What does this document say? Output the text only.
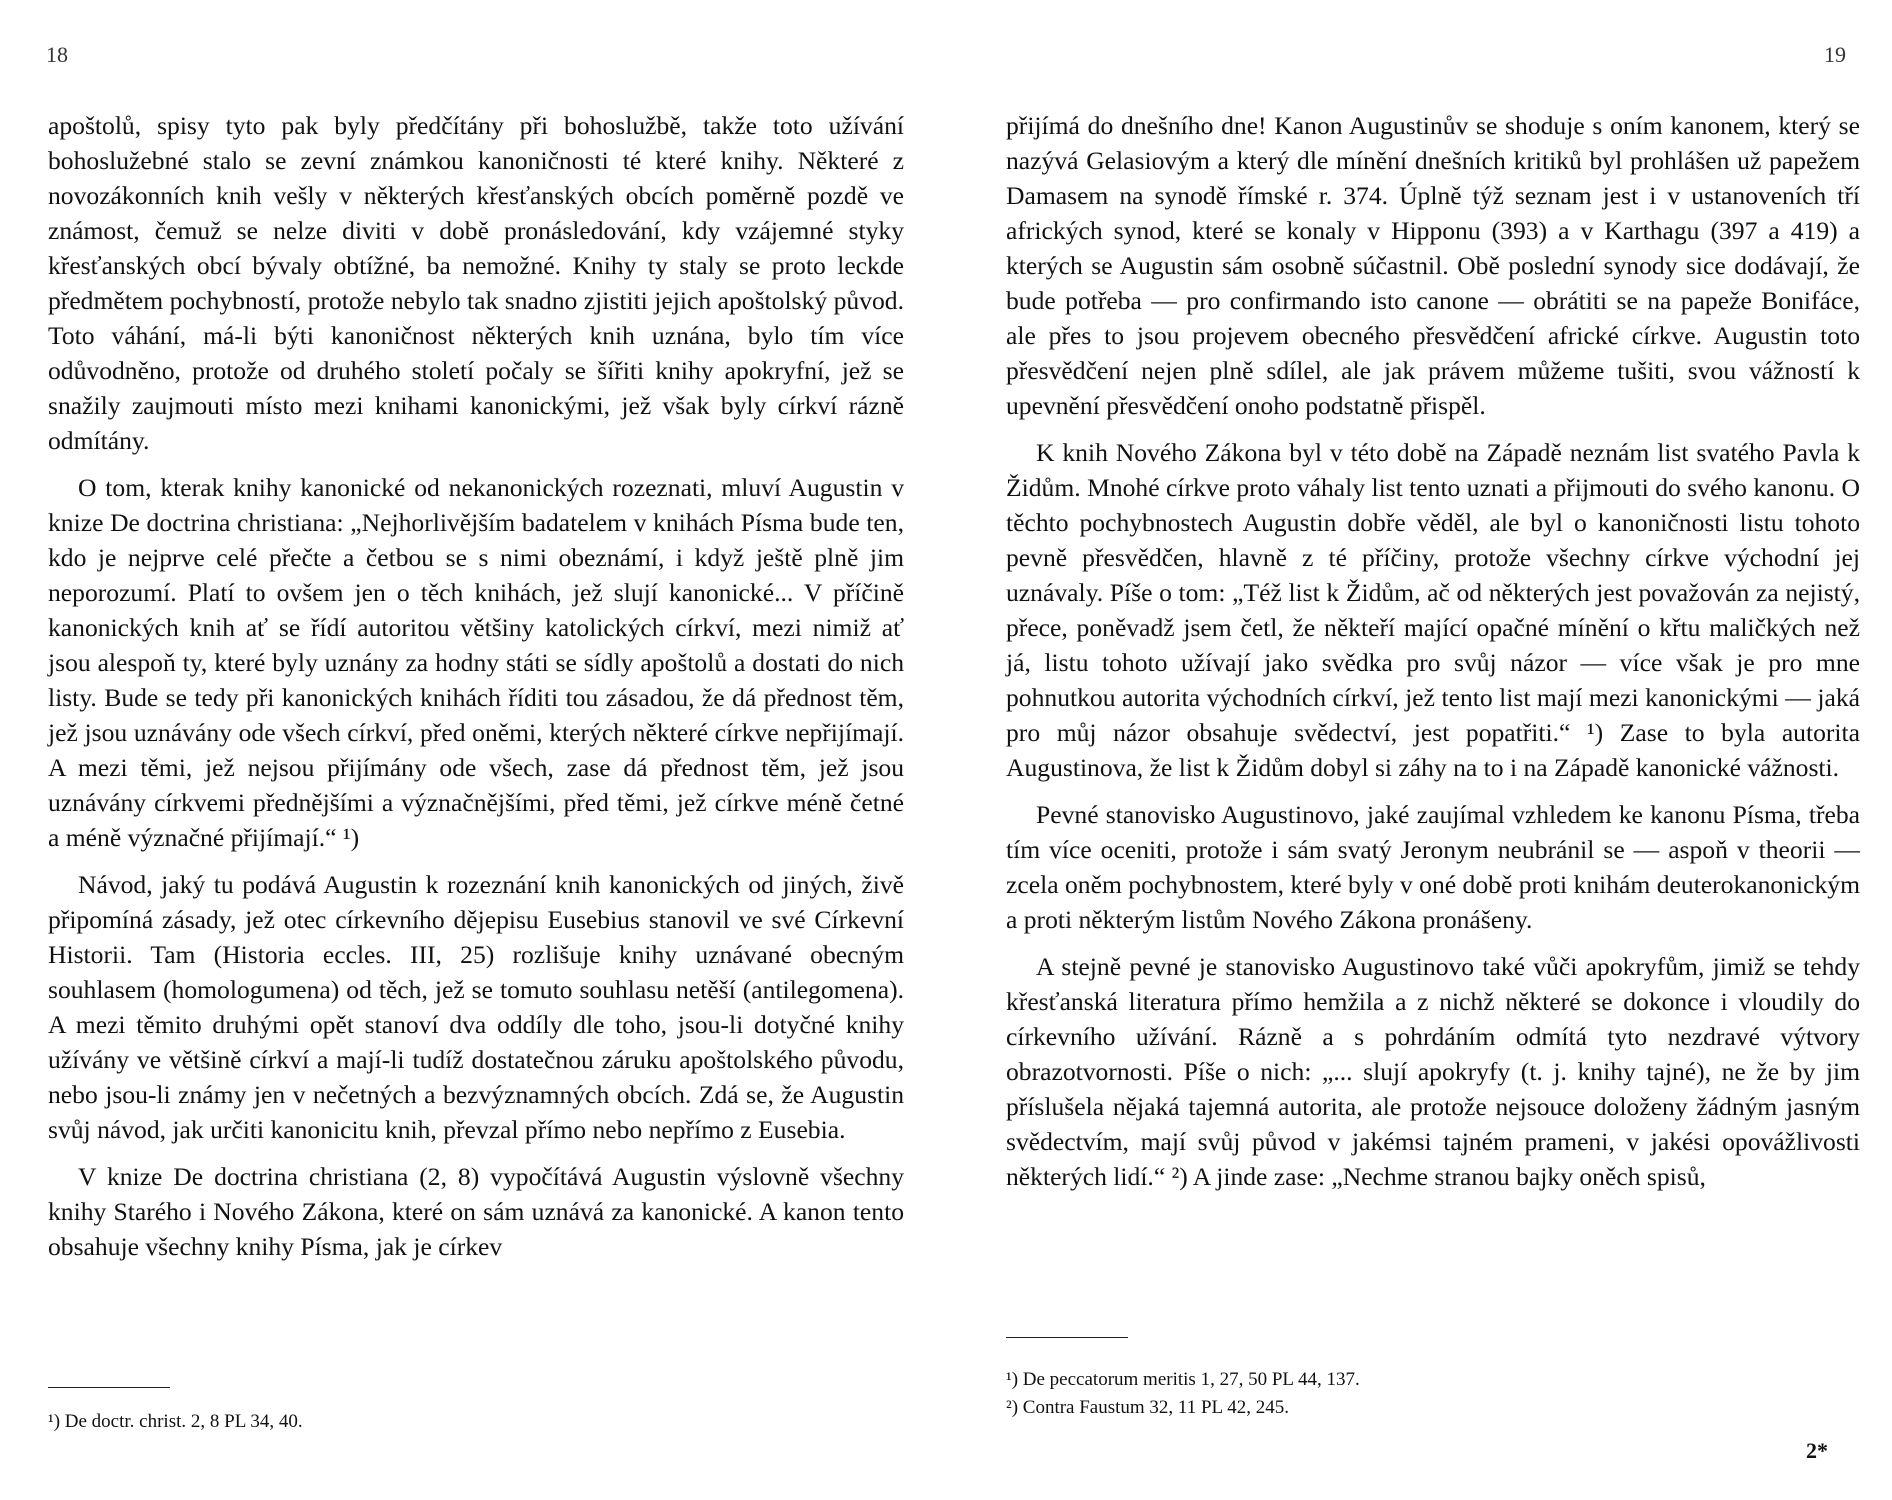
18

apoštolů, spisy tyto pak byly předčítány při bohoslužbě, takže toto užívání bohoslužebné stalo se zevní známkou kanoničnosti té které knihy. Některé z novozákonních knih vešly v některých křesťanských obcích poměrně pozdě ve známost, čemuž se nelze diviti v době pronásledování, kdy vzájemné styky křesťanských obcí bývaly obtížné, ba nemožné. Knihy ty staly se proto leckde předmětem pochybností, protože nebylo tak snadno zjistiti jejich apoštolský původ. Toto váhání, má-li býti kanoničnost některých knih uznána, bylo tím více odůvodněno, protože od druhého století počaly se šířiti knihy apokryfní, jež se snažily zaujmouti místo mezi knihami kanonickými, jež však byly církví rázně odmítány.

O tom, kterak knihy kanonické od nekanonických rozeznati, mluví Augustin v knize De doctrina christiana: „Nejhorlivějším badatelem v knihách Písma bude ten, kdo je nejprve celé přečte a četbou se s nimi obeznámí, i když ještě plně jim neporozumí. Platí to ovšem jen o těch knihách, jež slují kanonické... V příčině kanonických knih ať se řídí autoritou většiny katolických církví, mezi nimiž ať jsou alespoň ty, které byly uznány za hodny státi se sídly apoštolů a dostati do nich listy. Bude se tedy při kanonických knihách říditi tou zásadou, že dá přednost těm, jež jsou uznávány ode všech církví, před oněmi, kterých některé církve nepřijímají. A mezi těmi, jež nejsou přijímány ode všech, zase dá přednost těm, jež jsou uznávány církvemi přednějšími a význačnějšími, před těmi, jež církve méně četné a méně význačné přijímají.“ ¹)

Návod, jaký tu podává Augustin k rozeznání knih kanonických od jiných, živě připomíná zásady, jež otec církevního dějepisu Eusebius stanovil ve své Církevní Historii. Tam (Historia eccles. III, 25) rozlišuje knihy uznávané obecným souhlasem (homologumena) od těch, jež se tomuto souhlasu netěší (antilegomena). A mezi těmito druhými opět stanoví dva oddíly dle toho, jsou-li dotyčné knihy užívány ve většině církví a mají-li tudíž dostatečnou záruku apoštolského původu, nebo jsou-li známy jen v nečetných a bezvýznamných obcích. Zdá se, že Augustin svůj návod, jak určiti kanonicitu knih, převzal přímo nebo nepřímo z Eusebia.

V knize De doctrina christiana (2, 8) vypočítává Augustin výslovně všechny knihy Starého i Nového Zákona, které on sám uznává za kanonické. A kanon tento obsahuje všechny knihy Písma, jak je církev

¹) De doctr. christ. 2, 8 PL 34, 40.

19

přijímá do dnešního dne! Kanon Augustinův se shoduje s oním kanonem, který se nazývá Gelasiovým a který dle mínění dnešních kritiků byl prohlášen už papežem Damasem na synodě římské r. 374. Úplně týž seznam jest i v ustanoveních tří afrických synod, které se konaly v Hipponu (393) a v Karthagu (397 a 419) a kterých se Augustin sám osobně súčastnil. Obě poslední synody sice dodávají, že bude potřeba — pro confirmando isto canone — obrátiti se na papeže Bonifáce, ale přes to jsou projevem obecného přesvědčení africké církve. Augustin toto přesvědčení nejen plně sdílel, ale jak právem můžeme tušiti, svou vážností k upevnění přesvědčení onoho podstatně přispěl.

K knih Nového Zákona byl v této době na Západě neznám list svatého Pavla k Židům. Mnohé církve proto váhaly list tento uznati a přijmouti do svého kanonu. O těchto pochybnostech Augustin dobře věděl, ale byl o kanoničnosti listu tohoto pevně přesvědčen, hlavně z té příčiny, protože všechny církve východní jej uznávaly. Píše o tom: „Též list k Židům, ač od některých jest považován za nejistý, přece, poněvadž jsem četl, že někteří mající opačné mínění o křtu maličkých než já, listu tohoto užívají jako svědka pro svůj názor — více však je pro mne pohnutkou autorita východních církví, jež tento list mají mezi kanonickými — jaká pro můj názor obsahuje svědectví, jest popatřiti.“ ¹) Zase to byla autorita Augustinova, že list k Židům dobyl si záhy na to i na Západě kanonické vážnosti.

Pevné stanovisko Augustinovo, jaké zaujímal vzhledem ke kanonu Písma, třeba tím více oceniti, protože i sám svatý Jeronym neubránil se — aspoň v theorii — zcela oněm pochybnostem, které byly v oné době proti knihám deuterokanonickým a proti některým listům Nového Zákona pronášeny.

A stejně pevné je stanovisko Augustinovo také vůči apokryfům, jimiž se tehdy křesťanská literatura přímo hemžila a z nichž některé se dokonce i vloudily do církevního užívání. Rázně a s pohrdáním odmítá tyto nezdravé výtvory obrazotvornosti. Píše o nich: „... slují apokryfy (t. j. knihy tajné), ne že by jim příslušela nějaká tajemná autorita, ale protože nejsouce doloženy žádným jasným svědectvím, mají svůj původ v jakémsi tajném prameni, v jakési opovážlivosti některých lidí.“ ²) A jinde zase: „Nechme stranou bajky oněch spisů,

¹) De peccatorum meritis 1, 27, 50 PL 44, 137.

²) Contra Faustum 32, 11 PL 42, 245.

2*
